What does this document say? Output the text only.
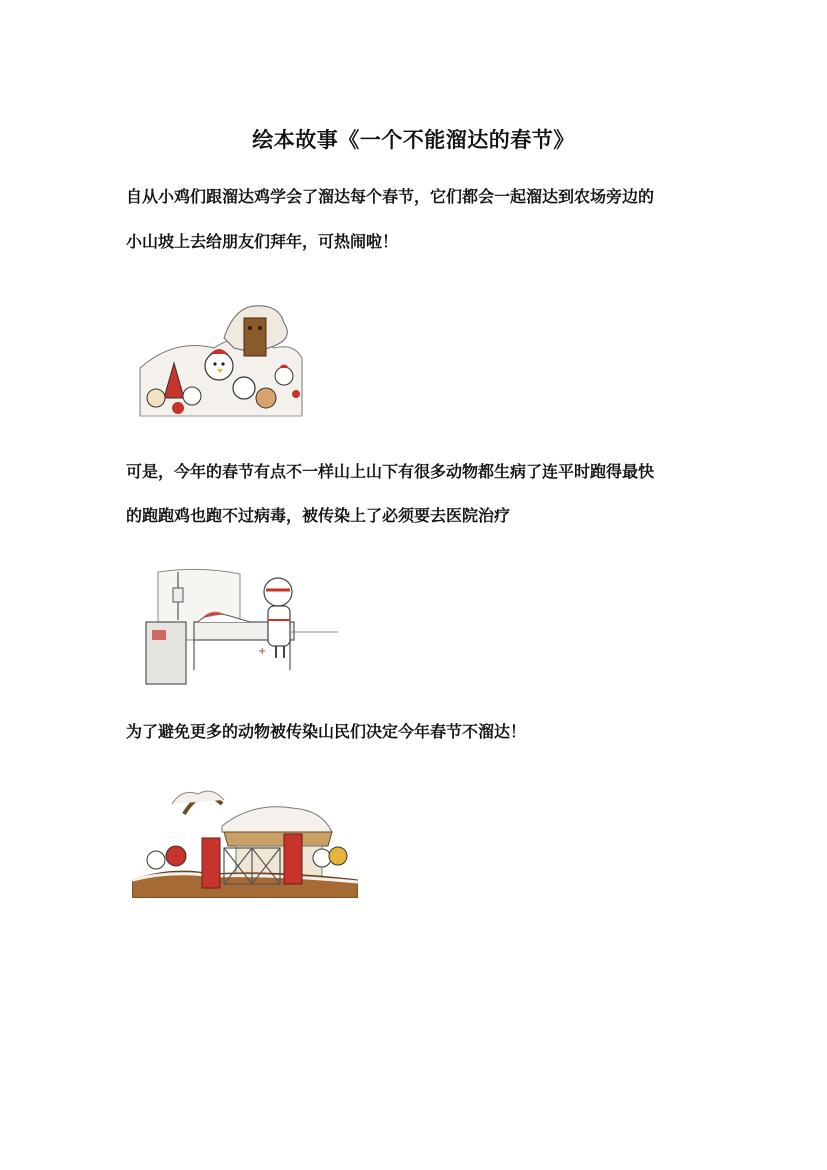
绘本故事《一个不能溜达的春节》
自从小鸡们跟溜达鸡学会了溜达每个春节，它们都会一起溜达到农场旁边的
小山坡上去给朋友们拜年，可热闹啦！
可是，今年的春节有点不一样山上山下有很多动物都生病了连平时跑得最快
的跑跑鸡也跑不过病毒，被传染上了必须要去医院治疗
+
为了避免更多的动物被传染山民们决定今年春节不溜达！
